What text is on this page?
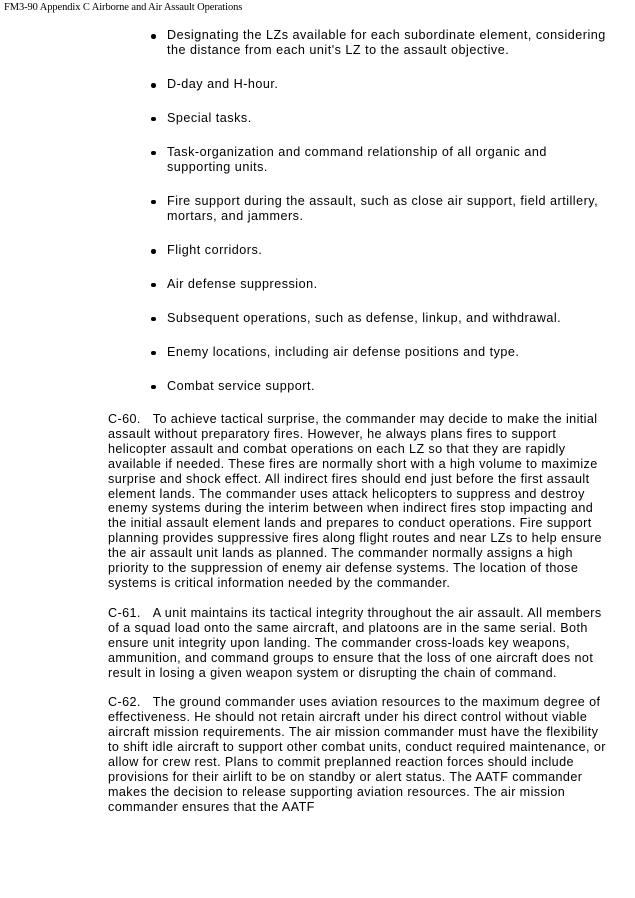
FM3-90 Appendix C Airborne and Air Assault Operations
Designating the LZs available for each subordinate element, considering the distance from each unit's LZ to the assault objective.
D-day and H-hour.
Special tasks.
Task-organization and command relationship of all organic and supporting units.
Fire support during the assault, such as close air support, field artillery, mortars, and jammers.
Flight corridors.
Air defense suppression.
Subsequent operations, such as defense, linkup, and withdrawal.
Enemy locations, including air defense positions and type.
Combat service support.

C-60. To achieve tactical surprise, the commander may decide to make the initial assault without preparatory fires. However, he always plans fires to support helicopter assault and combat operations on each LZ so that they are rapidly available if needed. These fires are normally short with a high volume to maximize surprise and shock effect. All indirect fires should end just before the first assault element lands. The commander uses attack helicopters to suppress and destroy enemy systems during the interim between when indirect fires stop impacting and the initial assault element lands and prepares to conduct operations. Fire support planning provides suppressive fires along flight routes and near LZs to help ensure the air assault unit lands as planned. The commander normally assigns a high priority to the suppression of enemy air defense systems. The location of those systems is critical information needed by the commander.

C-61. A unit maintains its tactical integrity throughout the air assault. All members of a squad load onto the same aircraft, and platoons are in the same serial. Both ensure unit integrity upon landing. The commander cross-loads key weapons, ammunition, and command groups to ensure that the loss of one aircraft does not result in losing a given weapon system or disrupting the chain of command.

C-62. The ground commander uses aviation resources to the maximum degree of effectiveness. He should not retain aircraft under his direct control without viable aircraft mission requirements. The air mission commander must have the flexibility to shift idle aircraft to support other combat units, conduct required maintenance, or allow for crew rest. Plans to commit preplanned reaction forces should include provisions for their airlift to be on standby or alert status. The AATF commander makes the decision to release supporting aviation resources. The air mission commander ensures that the AATF
